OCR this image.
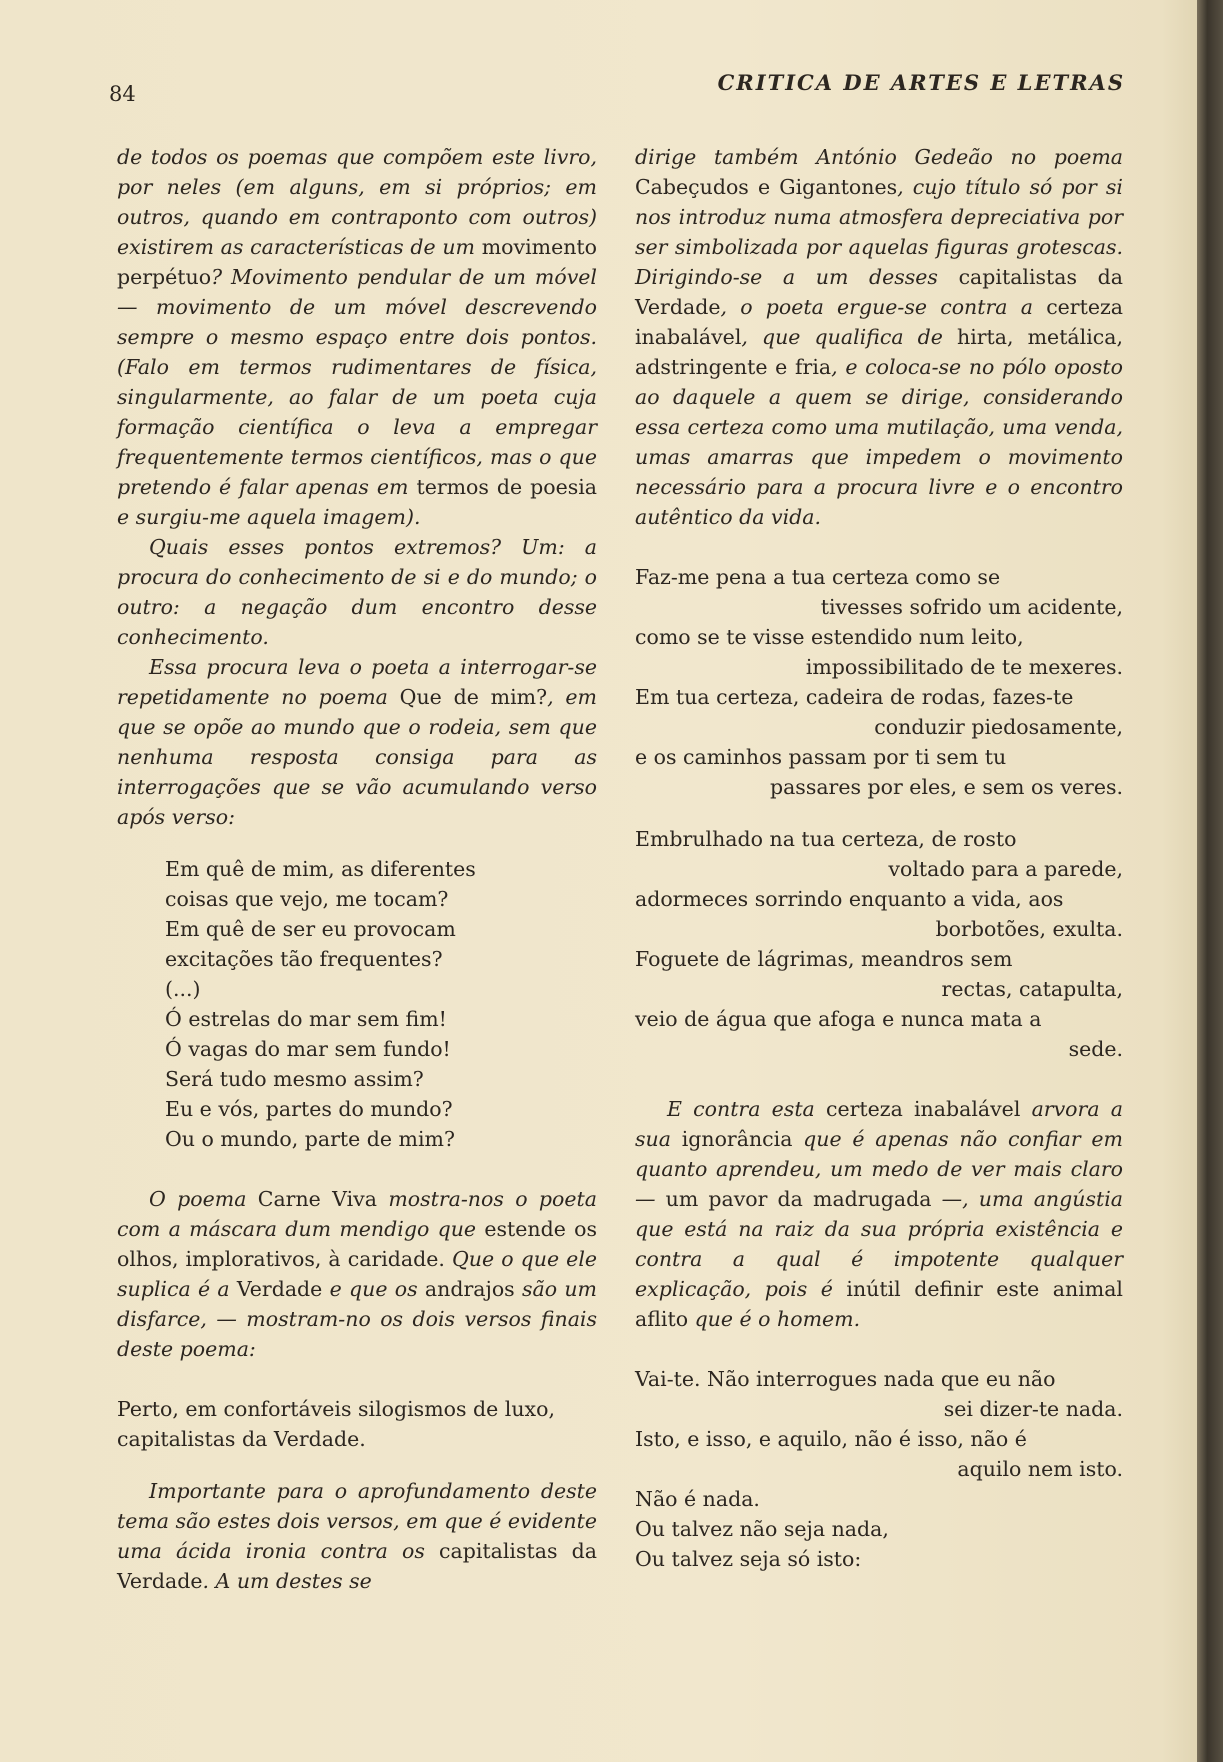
84	CRITICA DE ARTES E LETRAS

de todos os poemas que compõem este livro, por neles (em alguns, em si próprios; em outros, quando em contraponto com outros) existirem as características de um movimento perpétuo? Movimento pendular de um móvel — movimento de um móvel descrevendo sempre o mesmo espaço entre dois pontos. (Falo em termos rudimentares de física, singularmente, ao falar de um poeta cuja formação científica o leva a empregar frequentemente termos científicos, mas o que pretendo é falar apenas em termos de poesia e surgiu-me aquela imagem).

Quais esses pontos extremos? Um: a procura do conhecimento de si e do mundo; o outro: a negação dum encontro desse conhecimento.

Essa procura leva o poeta a interrogar-se repetidamente no poema Que de mim?, em que se opõe ao mundo que o rodeia, sem que nenhuma resposta consiga para as interrogações que se vão acumulando verso após verso:

Em quê de mim, as diferentes
coisas que vejo, me tocam?
Em quê de ser eu provocam
excitações tão frequentes?
(...)
Ó estrelas do mar sem fim!
Ó vagas do mar sem fundo!
Será tudo mesmo assim?
Eu e vós, partes do mundo?
Ou o mundo, parte de mim?

O poema Carne Viva mostra-nos o poeta com a máscara dum mendigo que estende os olhos, implorativos, à caridade. Que o que ele suplica é a Verdade e que os andrajos são um disfarce, — mostram-no os dois versos finais deste poema:

Perto, em confortáveis silogismos de luxo,
capitalistas da Verdade.

Importante para o aprofundamento deste tema são estes dois versos, em que é evidente uma ácida ironia contra os capitalistas da Verdade. A um destes se

dirige também António Gedeão no poema Cabeçudos e Gigantones, cujo título só por si nos introduz numa atmosfera depreciativa por ser simbolizada por aquelas figuras grotescas. Dirigindo-se a um desses capitalistas da Verdade, o poeta ergue-se contra a certeza inabalável, que qualifica de hirta, metálica, adstringente e fria, e coloca-se no pólo oposto ao daquele a quem se dirige, considerando essa certeza como uma mutilação, uma venda, umas amarras que impedem o movimento necessário para a procura livre e o encontro autêntico da vida.

Faz-me pena a tua certeza como se
tivesses sofrido um acidente,
como se te visse estendido num leito,
impossibilitado de te mexeres.
Em tua certeza, cadeira de rodas, fazes-te
conduzir piedosamente,
e os caminhos passam por ti sem tu
passares por eles, e sem os veres.
Embrulhado na tua certeza, de rosto
voltado para a parede,
adormeces sorrindo enquanto a vida, aos
borbotões, exulta.
Foguete de lágrimas, meandros sem
rectas, catapulta,
veio de água que afoga e nunca mata a
sede.

E contra esta certeza inabalável arvora a sua ignorância que é apenas não confiar em quanto aprendeu, um medo de ver mais claro — um pavor da madrugada —, uma angústia que está na raiz da sua própria existência e contra a qual é impotente qualquer explicação, pois é inútil definir este animal aflito que é o homem.

Vai-te. Não interrogues nada que eu não
sei dizer-te nada.
Isto, e isso, e aquilo, não é isso, não é
aquilo nem isto.
Não é nada.
Ou talvez não seja nada,
Ou talvez seja só isto:
